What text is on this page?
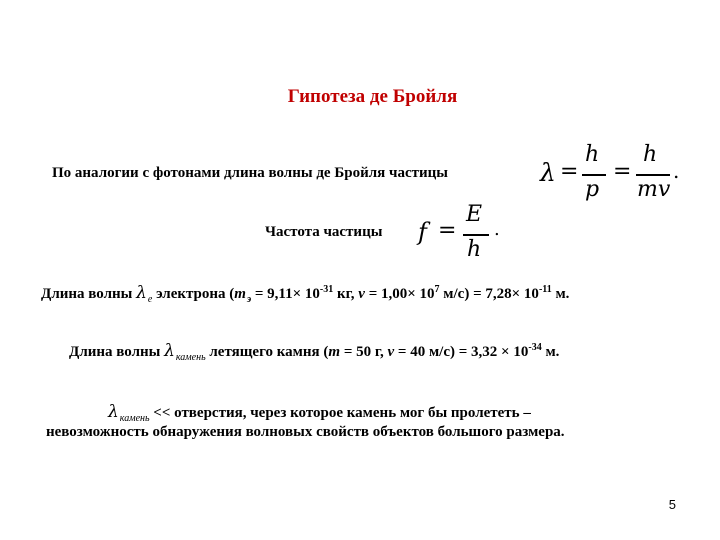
Гипотеза де Бройля
По аналогии с фотонами длина волны де Бройля частицы	λ =
h
p
=
h
mv
.
Частота частицы f =
E
h
.
Длина волны $\lambda_e$ электрона ($m_э = 9,11\times 10^{-31}$ кг, $v = 1,00\times 10^7$ $м/с) = 7,28\times 10^{-11}$ м.
Длина волны $\lambda_{камень}$ летящего камня (m = 50 г, v = 40 $м/с) = 3,32 \times 10^{-34}$ м.
$\lambda_{камень}$ << отверстия, через которое камень мог бы пролететь –
невозможность обнаружения волновых свойств объектов большого размера.
5
